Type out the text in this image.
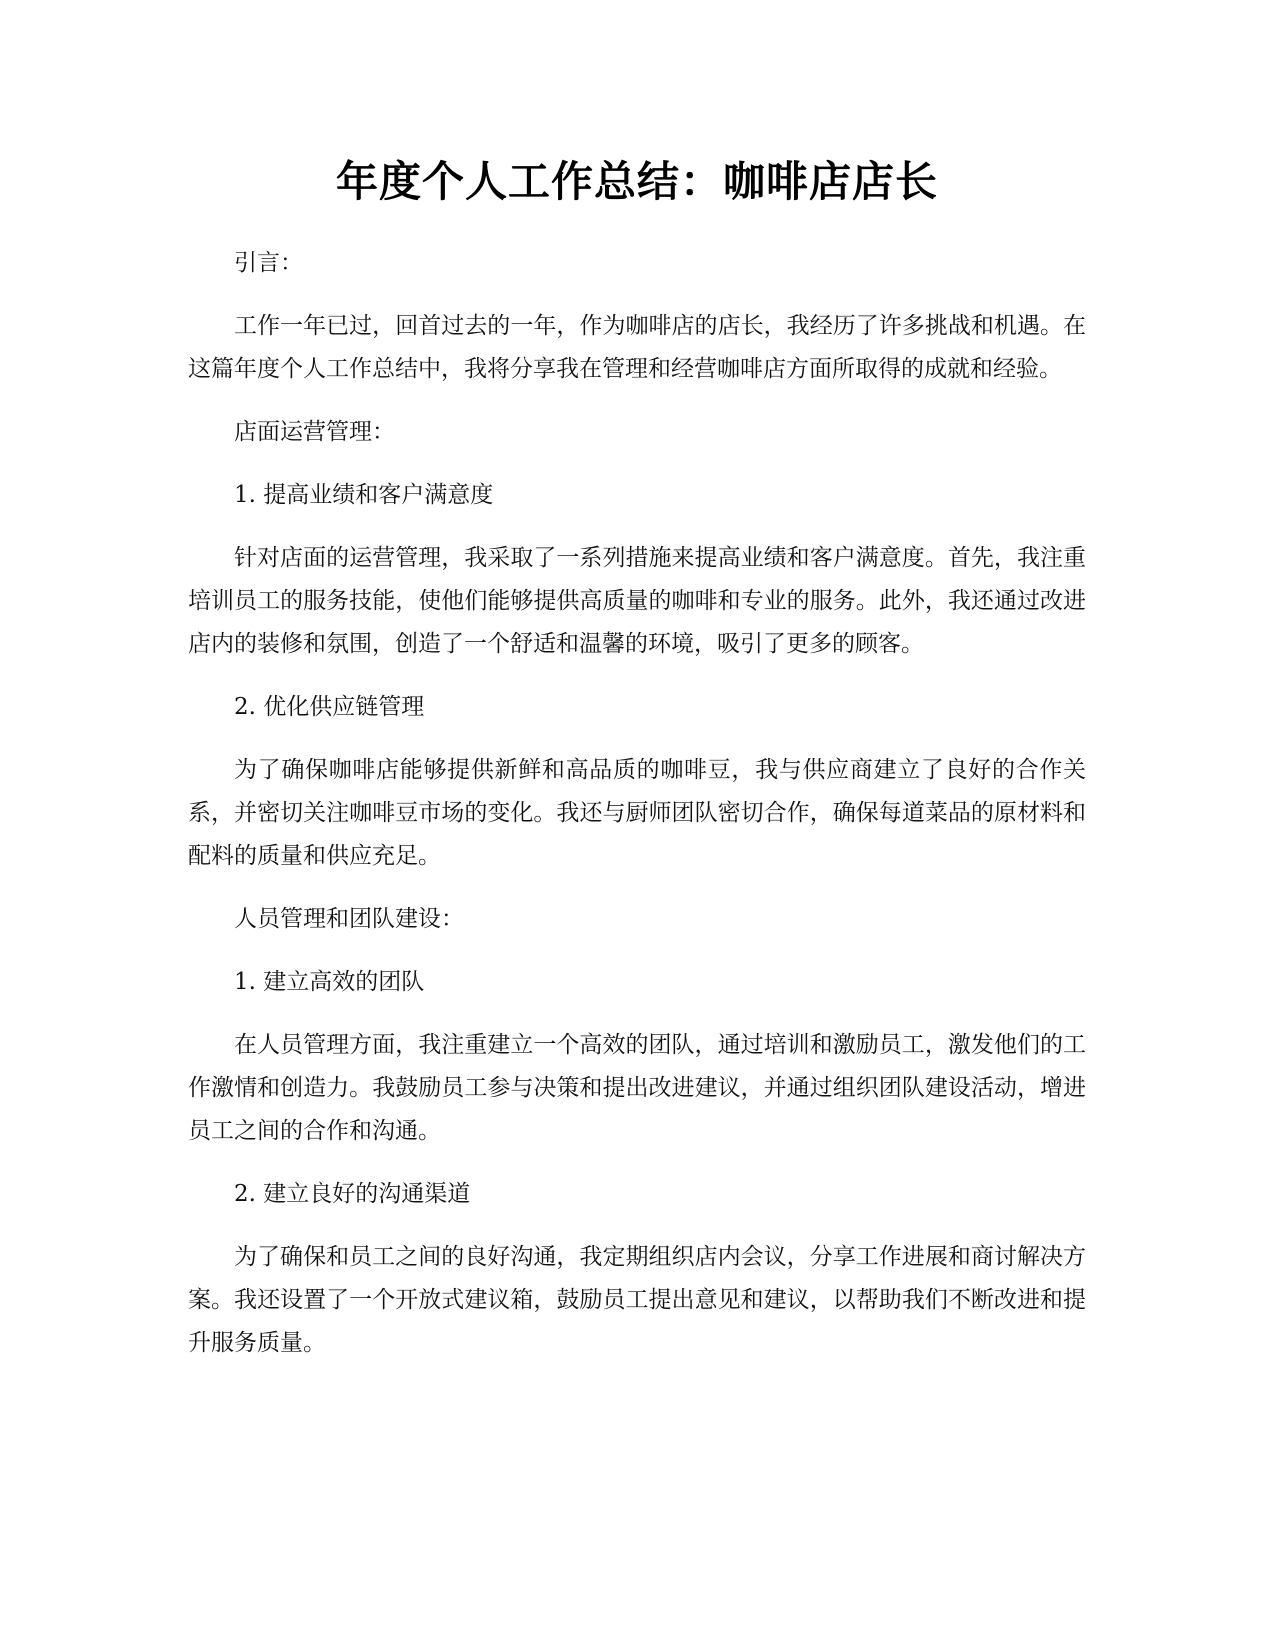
年度个人工作总结：咖啡店店长

引言：

工作一年已过，回首过去的一年，作为咖啡店的店长，我经历了许多挑战和机遇。在这篇年度个人工作总结中，我将分享我在管理和经营咖啡店方面所取得的成就和经验。

店面运营管理：

1. 提高业绩和客户满意度

针对店面的运营管理，我采取了一系列措施来提高业绩和客户满意度。首先，我注重培训员工的服务技能，使他们能够提供高质量的咖啡和专业的服务。此外，我还通过改进店内的装修和氛围，创造了一个舒适和温馨的环境，吸引了更多的顾客。

2. 优化供应链管理

为了确保咖啡店能够提供新鲜和高品质的咖啡豆，我与供应商建立了良好的合作关系，并密切关注咖啡豆市场的变化。我还与厨师团队密切合作，确保每道菜品的原材料和配料的质量和供应充足。

人员管理和团队建设：

1. 建立高效的团队

在人员管理方面，我注重建立一个高效的团队，通过培训和激励员工，激发他们的工作激情和创造力。我鼓励员工参与决策和提出改进建议，并通过组织团队建设活动，增进员工之间的合作和沟通。

2. 建立良好的沟通渠道

为了确保和员工之间的良好沟通，我定期组织店内会议，分享工作进展和商讨解决方案。我还设置了一个开放式建议箱，鼓励员工提出意见和建议，以帮助我们不断改进和提升服务质量。
